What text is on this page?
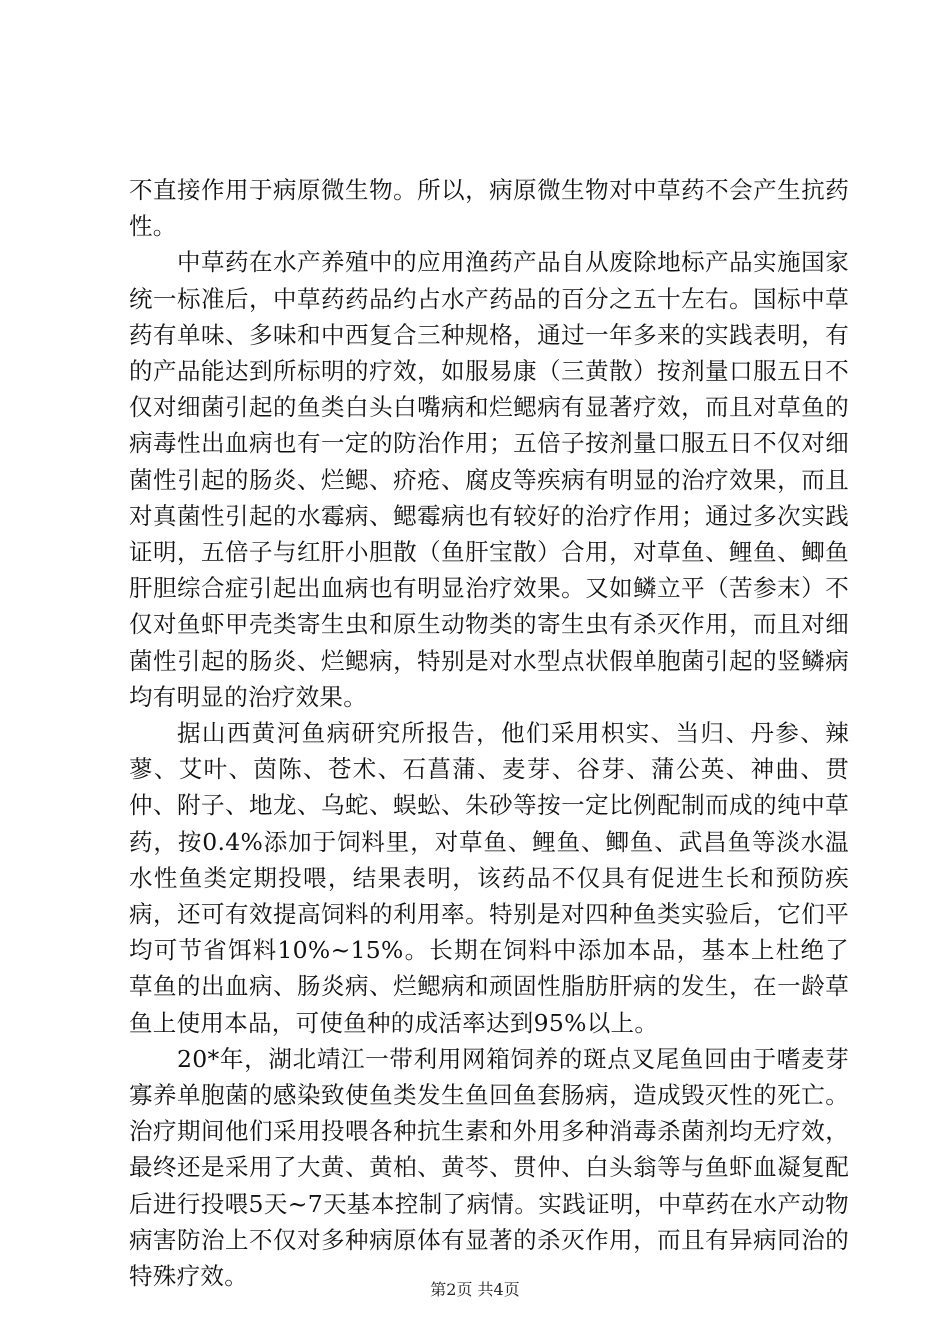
不直接作用于病原微生物。所以，病原微生物对中草药不会产生抗药性。

中草药在水产养殖中的应用渔药产品自从废除地标产品实施国家统一标准后，中草药药品约占水产药品的百分之五十左右。国标中草药有单味、多味和中西复合三种规格，通过一年多来的实践表明，有的产品能达到所标明的疗效，如服易康（三黄散）按剂量口服五日不仅对细菌引起的鱼类白头白嘴病和烂鳃病有显著疗效，而且对草鱼的病毒性出血病也有一定的防治作用；五倍子按剂量口服五日不仅对细菌性引起的肠炎、烂鳃、疥疮、腐皮等疾病有明显的治疗效果，而且对真菌性引起的水霉病、鳃霉病也有较好的治疗作用；通过多次实践证明，五倍子与红肝小胆散（鱼肝宝散）合用，对草鱼、鲤鱼、鲫鱼肝胆综合症引起出血病也有明显治疗效果。又如鳞立平（苦参末）不仅对鱼虾甲壳类寄生虫和原生动物类的寄生虫有杀灭作用，而且对细菌性引起的肠炎、烂鳃病，特别是对水型点状假单胞菌引起的竖鳞病均有明显的治疗效果。

据山西黄河鱼病研究所报告，他们采用枳实、当归、丹参、辣蓼、艾叶、茵陈、苍术、石菖蒲、麦芽、谷芽、蒲公英、神曲、贯仲、附子、地龙、乌蛇、蜈蚣、朱砂等按一定比例配制而成的纯中草药，按0.4%添加于饲料里，对草鱼、鲤鱼、鲫鱼、武昌鱼等淡水温水性鱼类定期投喂，结果表明，该药品不仅具有促进生长和预防疾病，还可有效提高饲料的利用率。特别是对四种鱼类实验后，它们平均可节省饵料10%~15%。长期在饲料中添加本品，基本上杜绝了草鱼的出血病、肠炎病、烂鳃病和顽固性脂肪肝病的发生，在一龄草鱼上使用本品，可使鱼种的成活率达到95%以上。

20*年，湖北靖江一带利用网箱饲养的斑点叉尾鱼回由于嗜麦芽寡养单胞菌的感染致使鱼类发生鱼回鱼套肠病，造成毁灭性的死亡。治疗期间他们采用投喂各种抗生素和外用多种消毒杀菌剂均无疗效，最终还是采用了大黄、黄柏、黄芩、贯仲、白头翁等与鱼虾血凝复配后进行投喂5天~7天基本控制了病情。实践证明，中草药在水产动物病害防治上不仅对多种病原体有显著的杀灭作用，而且有异病同治的特殊疗效。	第2页 共4页
